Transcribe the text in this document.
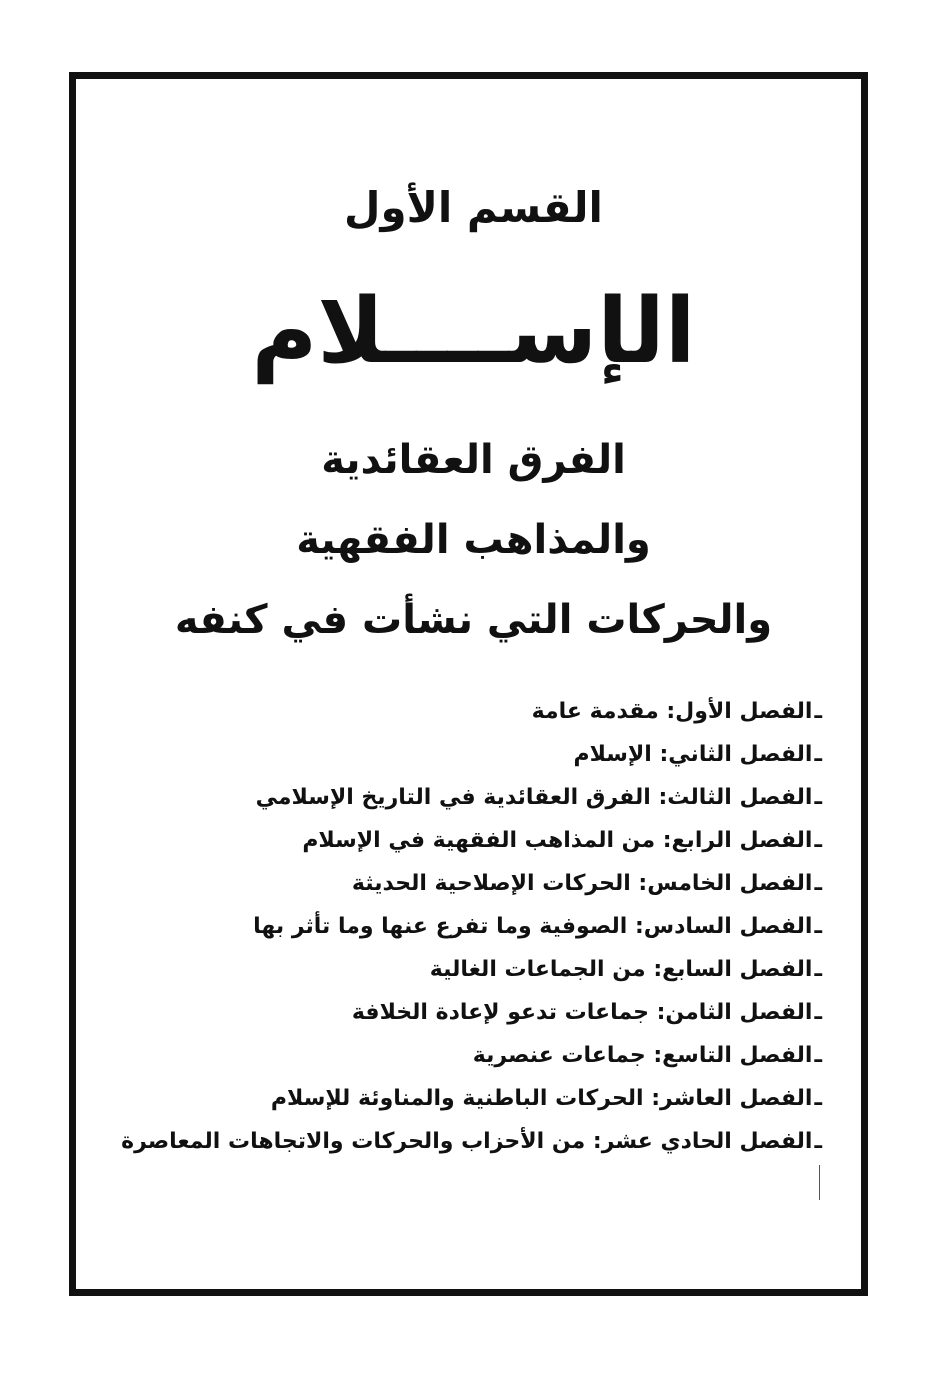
القسم الأول
الإســــلام
الفرق العقائدية
والمذاهب الفقهية
والحركات التي نشأت في كنفه
ـالفصل الأول: مقدمة عامة
ـالفصل الثاني: الإسلام
ـالفصل الثالث: الفرق العقائدية في التاريخ الإسلامي
ـالفصل الرابع: من المذاهب الفقهية في الإسلام
ـالفصل الخامس: الحركات الإصلاحية الحديثة
ـالفصل السادس: الصوفية وما تفرع عنها وما تأثر بها
ـالفصل السابع: من الجماعات الغالية
ـالفصل الثامن: جماعات تدعو لإعادة الخلافة
ـالفصل التاسع: جماعات عنصرية
ـالفصل العاشر: الحركات الباطنية والمناوئة للإسلام
ـالفصل الحادي عشر: من الأحزاب والحركات والاتجاهات المعاصرة
